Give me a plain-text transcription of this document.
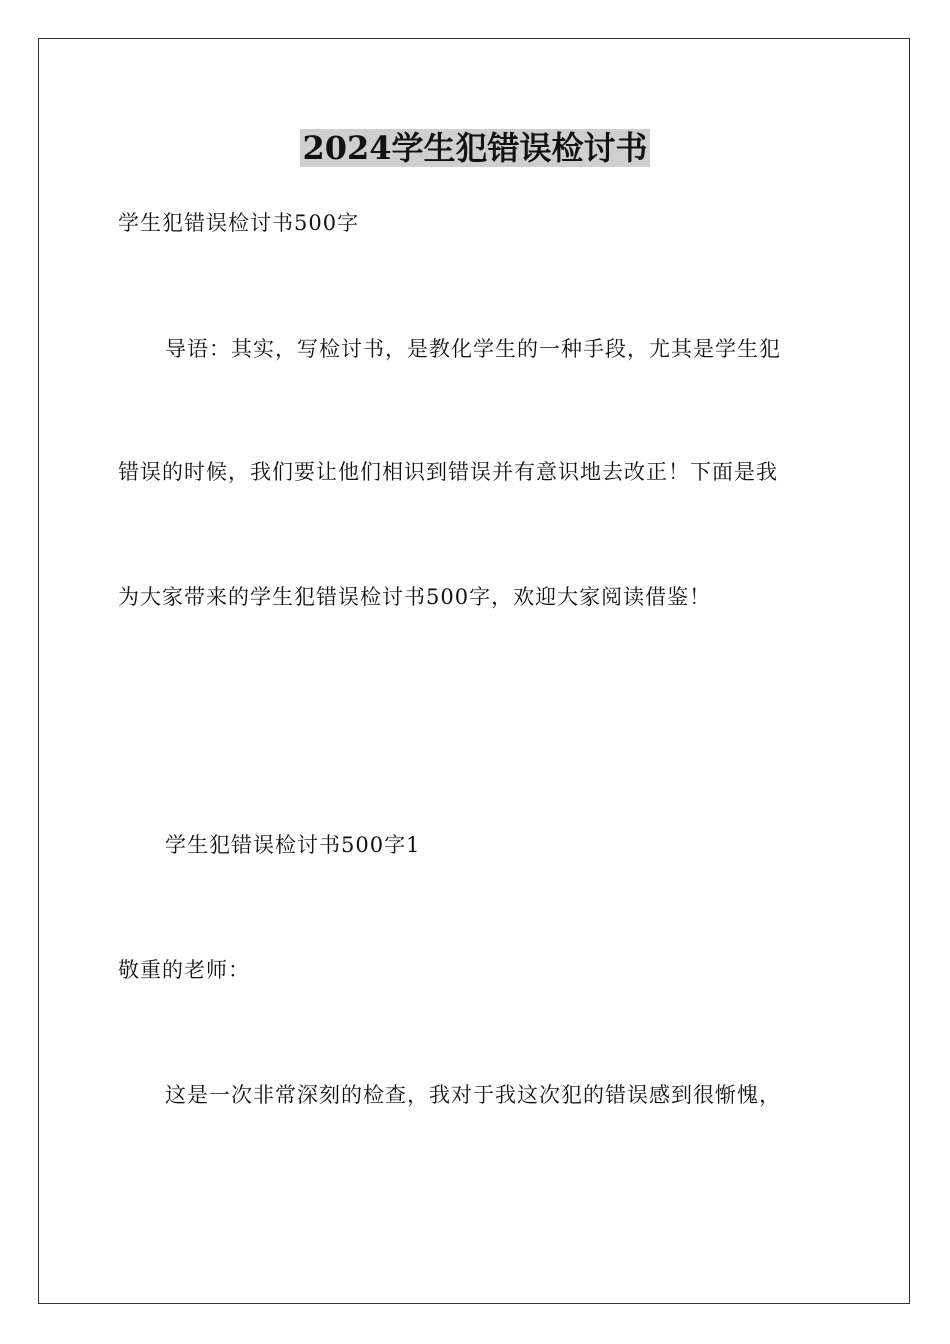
2024学生犯错误检讨书
学生犯错误检讨书500字
导语：其实，写检讨书，是教化学生的一种手段，尤其是学生犯
错误的时候，我们要让他们相识到错误并有意识地去改正！下面是我
为大家带来的学生犯错误检讨书500字，欢迎大家阅读借鉴！
学生犯错误检讨书500字1
敬重的老师：
这是一次非常深刻的检查，我对于我这次犯的错误感到很惭愧，
